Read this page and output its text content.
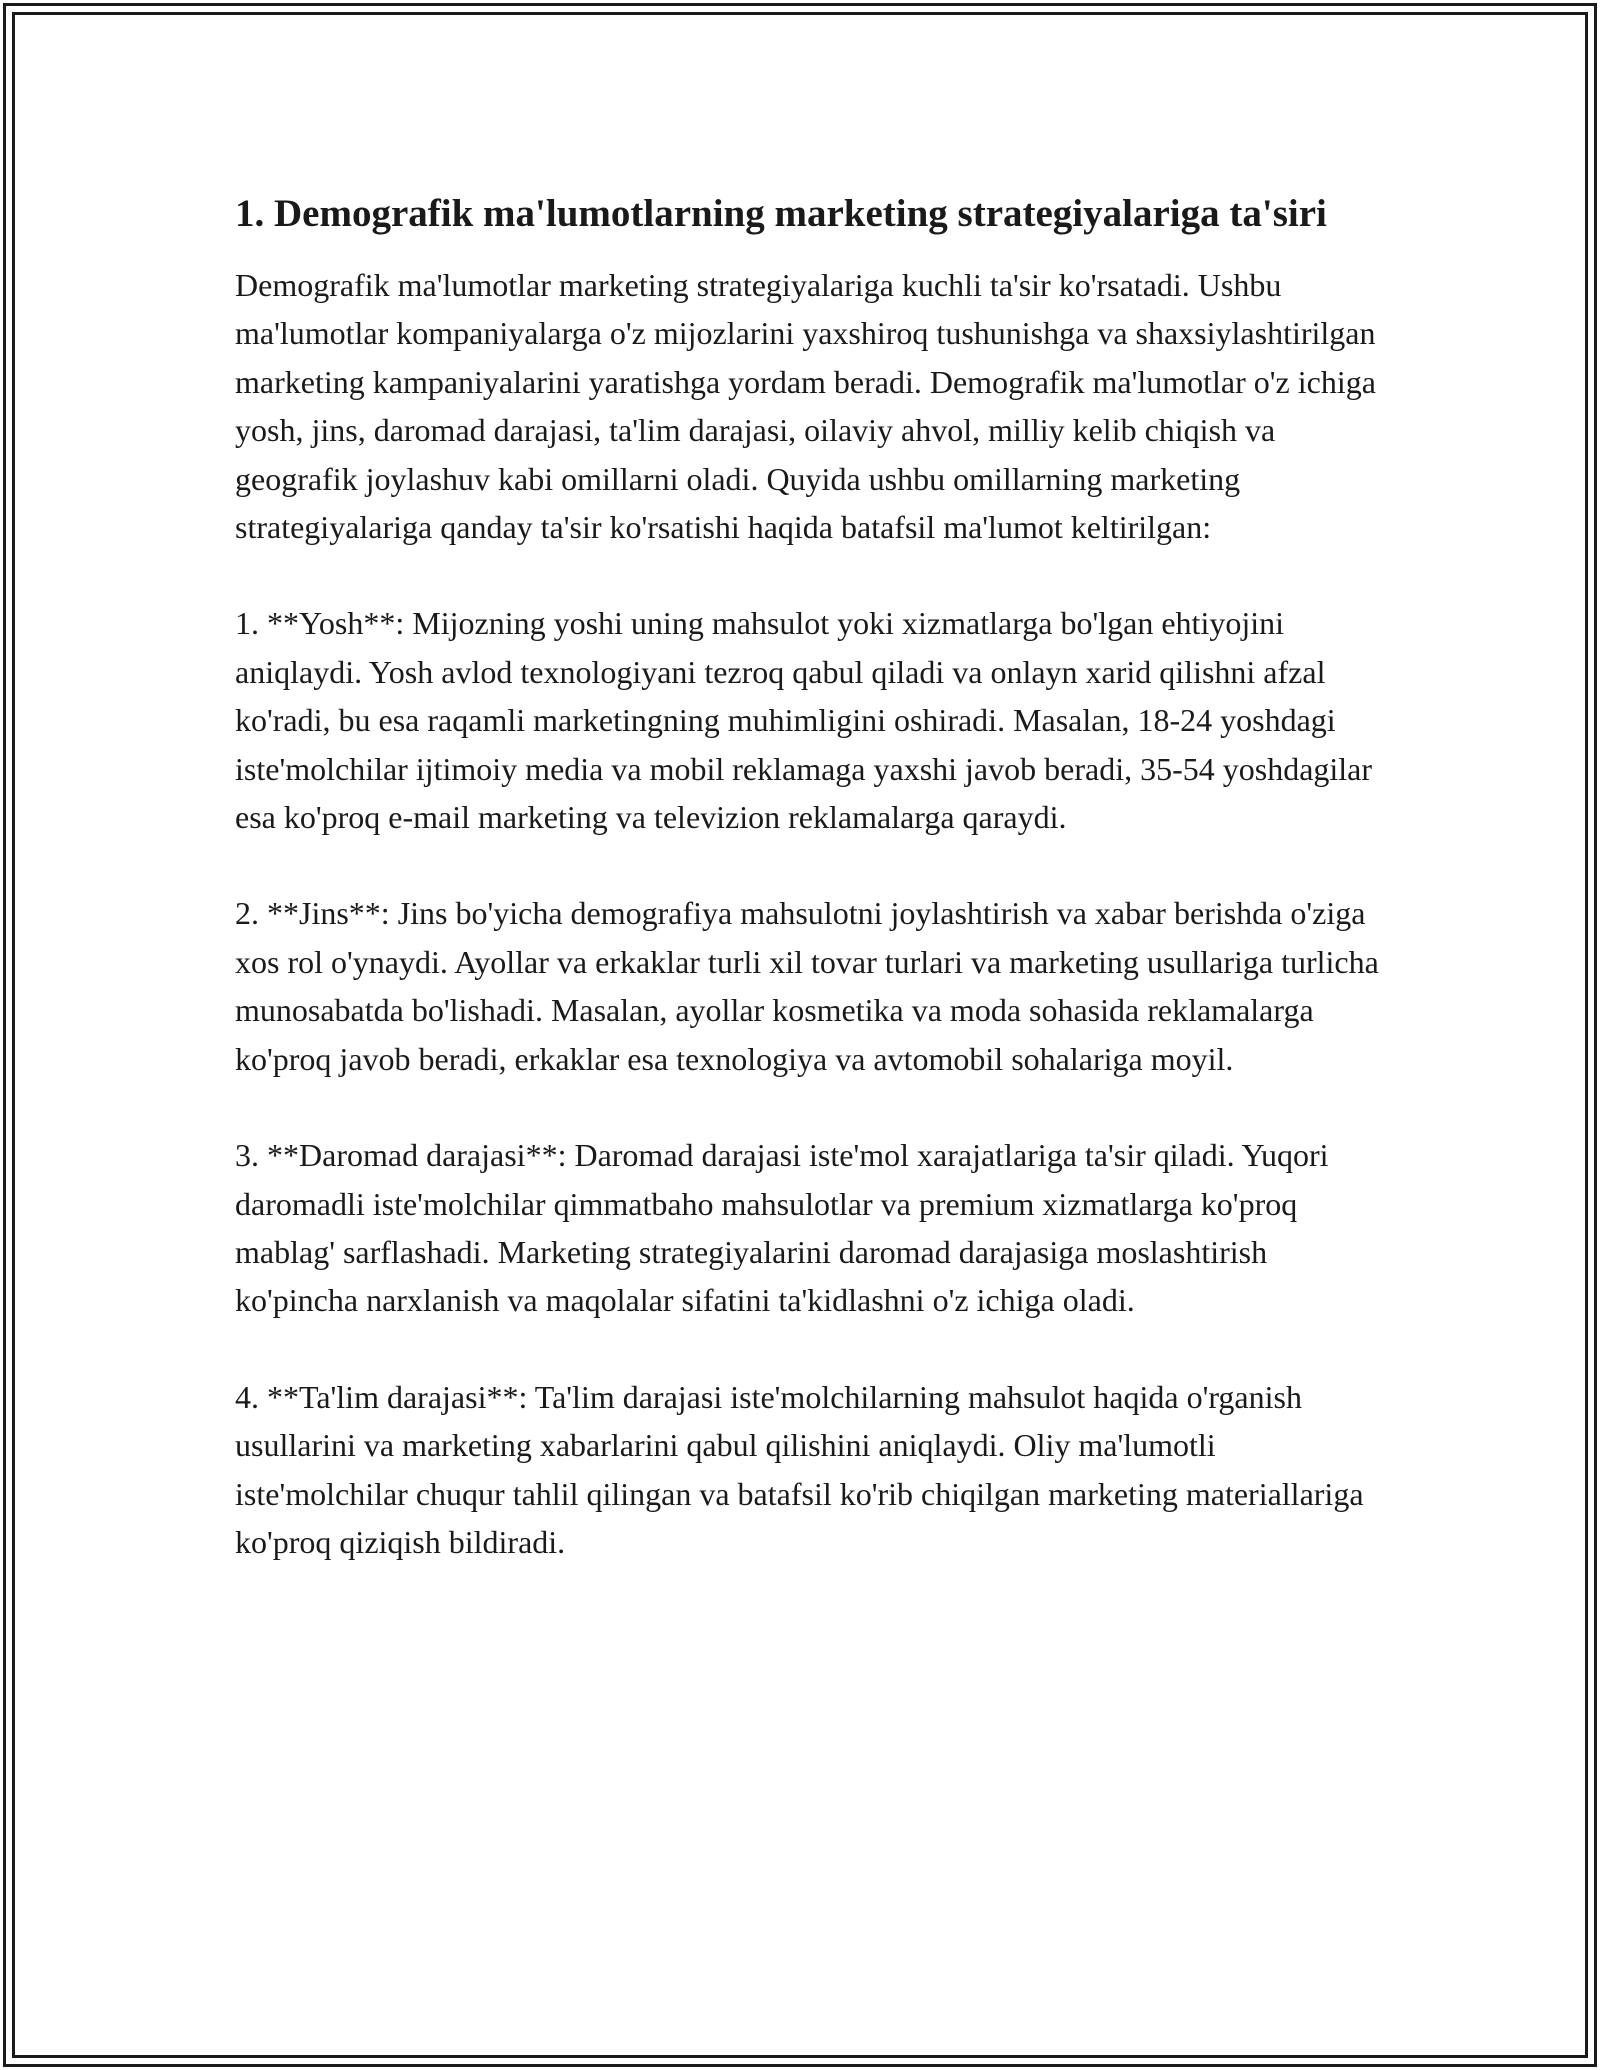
1. Demografik ma'lumotlarning marketing strategiyalariga ta'siri

Demografik ma'lumotlar marketing strategiyalariga kuchli ta'sir ko'rsatadi. Ushbu ma'lumotlar kompaniyalarga o'z mijozlarini yaxshiroq tushunishga va shaxsiylashtirilgan marketing kampaniyalarini yaratishga yordam beradi. Demografik ma'lumotlar o'z ichiga yosh, jins, daromad darajasi, ta'lim darajasi, oilaviy ahvol, milliy kelib chiqish va geografik joylashuv kabi omillarni oladi. Quyida ushbu omillarning marketing strategiyalariga qanday ta'sir ko'rsatishi haqida batafsil ma'lumot keltirilgan:

1. **Yosh**: Mijozning yoshi uning mahsulot yoki xizmatlarga bo'lgan ehtiyojini aniqlaydi. Yosh avlod texnologiyani tezroq qabul qiladi va onlayn xarid qilishni afzal ko'radi, bu esa raqamli marketingning muhimligini oshiradi. Masalan, 18-24 yoshdagi iste'molchilar ijtimoiy media va mobil reklamaga yaxshi javob beradi, 35-54 yoshdagilar esa ko'proq e-mail marketing va televizion reklamalarga qaraydi.

2. **Jins**: Jins bo'yicha demografiya mahsulotni joylashtirish va xabar berishda o'ziga xos rol o'ynaydi. Ayollar va erkaklar turli xil tovar turlari va marketing usullariga turlicha munosabatda bo'lishadi. Masalan, ayollar kosmetika va moda sohasida reklamalarga ko'proq javob beradi, erkaklar esa texnologiya va avtomobil sohalariga moyil.

3. **Daromad darajasi**: Daromad darajasi iste'mol xarajatlariga ta'sir qiladi. Yuqori daromadli iste'molchilar qimmatbaho mahsulotlar va premium xizmatlarga ko'proq mablag' sarflashadi. Marketing strategiyalarini daromad darajasiga moslashtirish ko'pincha narxlanish va maqolalar sifatini ta'kidlashni o'z ichiga oladi.

4. **Ta'lim darajasi**: Ta'lim darajasi iste'molchilarning mahsulot haqida o'rganish usullarini va marketing xabarlarini qabul qilishini aniqlaydi. Oliy ma'lumotli iste'molchilar chuqur tahlil qilingan va batafsil ko'rib chiqilgan marketing materiallariga ko'proq qiziqish bildiradi.
